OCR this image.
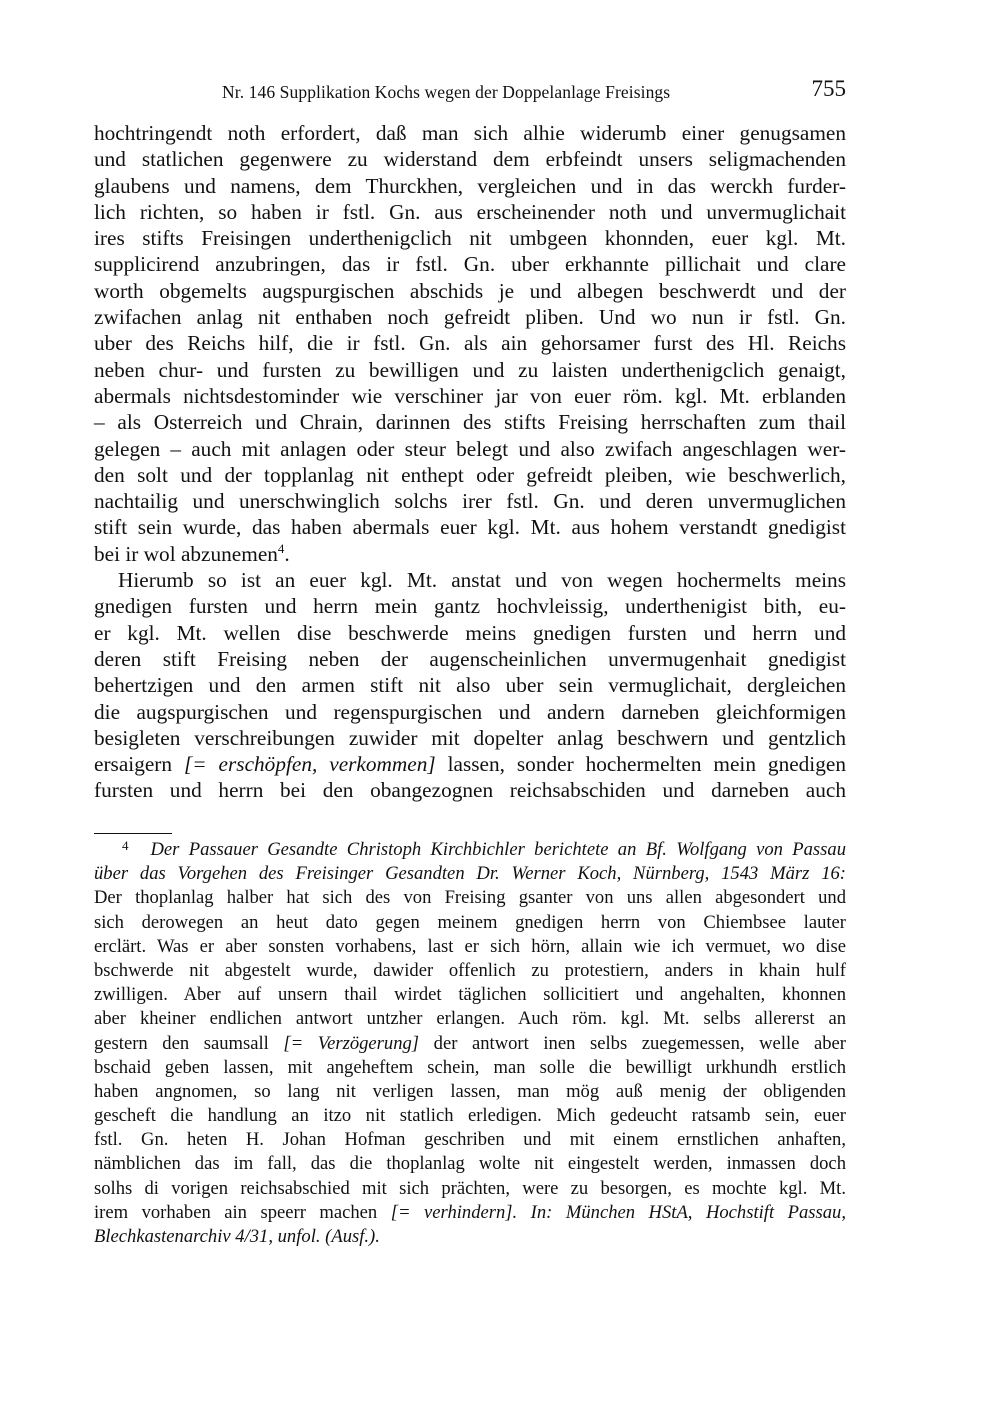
Nr. 146 Supplikation Kochs wegen der Doppelanlage Freisings	755
hochtringendt noth erfordert, daß man sich alhie widerumb einer genugsamen
und statlichen gegenwere zu widerstand dem erbfeindt unsers seligmachenden
glaubens und namens, dem Thurckhen, vergleichen und in das werckh furder-
lich richten, so haben ir fstl. Gn. aus erscheinender noth und unvermuglichait
ires stifts Freisingen underthenigclich nit umbgeen khonnden, euer kgl. Mt.
supplicirend anzubringen, das ir fstl. Gn. uber erkhannte pillichait und clare
worth obgemelts augspurgischen abschids je und albegen beschwerdt und der
zwifachen anlag nit enthaben noch gefreidt pliben. Und wo nun ir fstl. Gn.
uber des Reichs hilf, die ir fstl. Gn. als ain gehorsamer furst des Hl. Reichs
neben chur- und fursten zu bewilligen und zu laisten underthenigclich genaigt,
abermals nichtsdestominder wie verschiner jar von euer röm. kgl. Mt. erblanden
– als Osterreich und Chrain, darinnen des stifts Freising herrschaften zum thail
gelegen – auch mit anlagen oder steur belegt und also zwifach angeschlagen wer-
den solt und der topplanlag nit enthept oder gefreidt pleiben, wie beschwerlich,
nachtailig und unerschwinglich solchs irer fstl. Gn. und deren unvermuglichen
stift sein wurde, das haben abermals euer kgl. Mt. aus hohem verstandt gnedigist
bei ir wol abzunemen$^4$.
Hierumb so ist an euer kgl. Mt. anstat und von wegen hochermelts meins
gnedigen fursten und herrn mein gantz hochvleissig, underthenigist bith, eu-
er kgl. Mt. wellen dise beschwerde meins gnedigen fursten und herrn und
deren stift Freising neben der augenscheinlichen unvermugenhait gnedigist
behertzigen und den armen stift nit also uber sein vermuglichait, dergleichen
die augspurgischen und regenspurgischen und andern darneben gleichformigen
besigleten verschreibungen zuwider mit dopelter anlag beschwern und gentzlich
ersaigern [= erschöpfen, verkommen] lassen, sonder hochermelten mein gnedigen
fursten und herrn bei den obangezognen reichsabschiden und darneben auch
$^4$ Der Passauer Gesandte Christoph Kirchbichler berichtete an Bf. Wolfgang von Passau
über das Vorgehen des Freisinger Gesandten Dr. Werner Koch, Nürnberg, 1543 März 16:
Der thoplanlag halber hat sich des von Freising gsanter von uns allen abgesondert und
sich derowegen an heut dato gegen meinem gnedigen herrn von Chiembsee lauter
erclärt. Was er aber sonsten vorhabens, last er sich hörn, allain wie ich vermuet, wo dise
bschwerde nit abgestelt wurde, dawider offenlich zu protestiern, anders in khain hulf
zwilligen. Aber auf unsern thail wirdet täglichen sollicitiert und angehalten, khonnen
aber kheiner endlichen antwort untzher erlangen. Auch röm. kgl. Mt. selbs allererst an
gestern den saumsall [= Verzögerung] der antwort inen selbs zuegemessen, welle aber
bschaid geben lassen, mit angeheftem schein, man solle die bewilligt urkhundh erstlich
haben angnomen, so lang nit verligen lassen, man mög auß menig der obligenden
gescheft die handlung an itzo nit statlich erledigen. Mich gedeucht ratsamb sein, euer
fstl. Gn. heten H. Johan Hofman geschriben und mit einem ernstlichen anhaften,
nämblichen das im fall, das die thoplanlag wolte nit eingestelt werden, inmassen doch
solhs di vorigen reichsabschied mit sich prächten, were zu besorgen, es mochte kgl. Mt.
irem vorhaben ain speerr machen [= verhindern]. In: München HStA, Hochstift Passau,
Blechkastenarchiv 4/31, unfol. (Ausf.).
